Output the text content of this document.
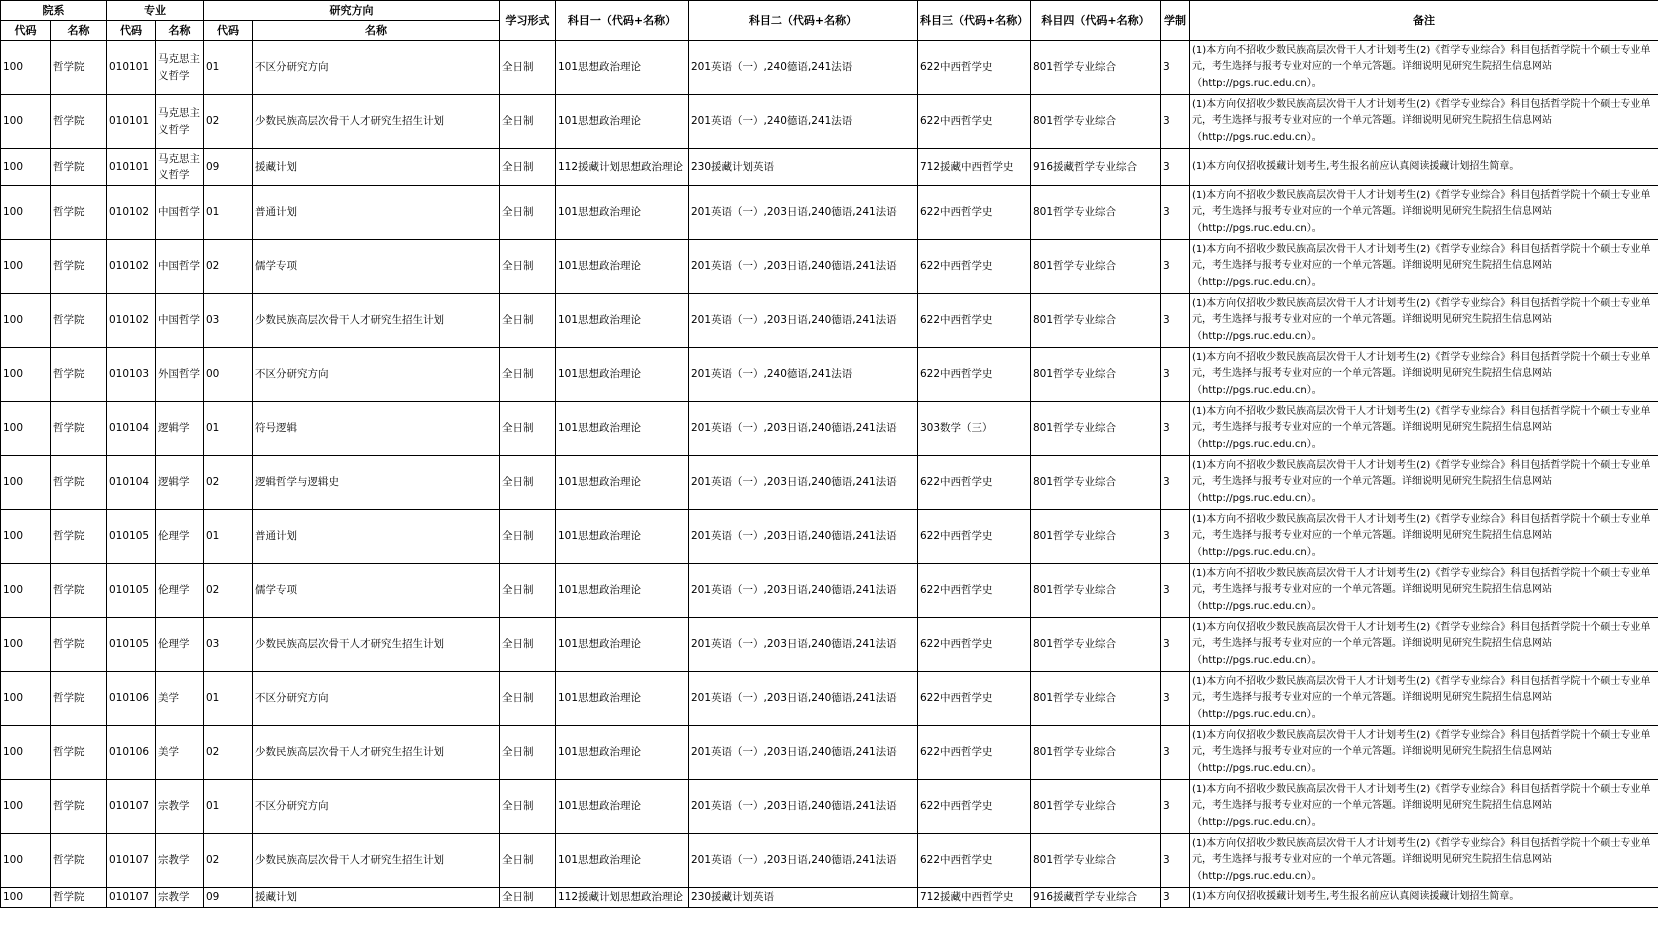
院系		专业		研究方向		学习形式	科目一（代码+名称）	科目二（代码+名称）	科目三（代码+名称）	科目四（代码+名称）	学制	备注
代码	名称	代码	名称	代码	名称							
100	哲学院	010101	马克思主义哲学	01	不区分研究方向	全日制	101思想政治理论	201英语（一）,240德语,241法语	622中西哲学史	801哲学专业综合	3	(1)本方向不招收少数民族高层次骨干人才计划考生(2)《哲学专业综合》科目包括哲学院十个硕士专业单元，考生选择与报考专业对应的一个单元答题。详细说明见研究生院招生信息网站（http://pgs.ruc.edu.cn）。
100	哲学院	010101	马克思主义哲学	02	少数民族高层次骨干人才研究生招生计划	全日制	101思想政治理论	201英语（一）,240德语,241法语	622中西哲学史	801哲学专业综合	3	(1)本方向仅招收少数民族高层次骨干人才计划考生(2)《哲学专业综合》科目包括哲学院十个硕士专业单元，考生选择与报考专业对应的一个单元答题。详细说明见研究生院招生信息网站（http://pgs.ruc.edu.cn）。
100	哲学院	010101	马克思主义哲学	09	援藏计划	全日制	112援藏计划思想政治理论	230援藏计划英语	712援藏中西哲学史	916援藏哲学专业综合	3	(1)本方向仅招收援藏计划考生,考生报名前应认真阅读援藏计划招生简章。
100	哲学院	010102	中国哲学	01	普通计划	全日制	101思想政治理论	201英语（一）,203日语,240德语,241法语	622中西哲学史	801哲学专业综合	3	(1)本方向不招收少数民族高层次骨干人才计划考生(2)《哲学专业综合》科目包括哲学院十个硕士专业单元，考生选择与报考专业对应的一个单元答题。详细说明见研究生院招生信息网站（http://pgs.ruc.edu.cn）。
100	哲学院	010102	中国哲学	02	儒学专项	全日制	101思想政治理论	201英语（一）,203日语,240德语,241法语	622中西哲学史	801哲学专业综合	3	(1)本方向不招收少数民族高层次骨干人才计划考生(2)《哲学专业综合》科目包括哲学院十个硕士专业单元，考生选择与报考专业对应的一个单元答题。详细说明见研究生院招生信息网站（http://pgs.ruc.edu.cn）。
100	哲学院	010102	中国哲学	03	少数民族高层次骨干人才研究生招生计划	全日制	101思想政治理论	201英语（一）,203日语,240德语,241法语	622中西哲学史	801哲学专业综合	3	(1)本方向仅招收少数民族高层次骨干人才计划考生(2)《哲学专业综合》科目包括哲学院十个硕士专业单元，考生选择与报考专业对应的一个单元答题。详细说明见研究生院招生信息网站（http://pgs.ruc.edu.cn）。
100	哲学院	010103	外国哲学	00	不区分研究方向	全日制	101思想政治理论	201英语（一）,240德语,241法语	622中西哲学史	801哲学专业综合	3	(1)本方向不招收少数民族高层次骨干人才计划考生(2)《哲学专业综合》科目包括哲学院十个硕士专业单元，考生选择与报考专业对应的一个单元答题。详细说明见研究生院招生信息网站（http://pgs.ruc.edu.cn）。
100	哲学院	010104	逻辑学	01	符号逻辑	全日制	101思想政治理论	201英语（一）,203日语,240德语,241法语	303数学（三）	801哲学专业综合	3	(1)本方向不招收少数民族高层次骨干人才计划考生(2)《哲学专业综合》科目包括哲学院十个硕士专业单元，考生选择与报考专业对应的一个单元答题。详细说明见研究生院招生信息网站（http://pgs.ruc.edu.cn）。
100	哲学院	010104	逻辑学	02	逻辑哲学与逻辑史	全日制	101思想政治理论	201英语（一）,203日语,240德语,241法语	622中西哲学史	801哲学专业综合	3	(1)本方向不招收少数民族高层次骨干人才计划考生(2)《哲学专业综合》科目包括哲学院十个硕士专业单元，考生选择与报考专业对应的一个单元答题。详细说明见研究生院招生信息网站（http://pgs.ruc.edu.cn）。
100	哲学院	010105	伦理学	01	普通计划	全日制	101思想政治理论	201英语（一）,203日语,240德语,241法语	622中西哲学史	801哲学专业综合	3	(1)本方向不招收少数民族高层次骨干人才计划考生(2)《哲学专业综合》科目包括哲学院十个硕士专业单元，考生选择与报考专业对应的一个单元答题。详细说明见研究生院招生信息网站（http://pgs.ruc.edu.cn）。
100	哲学院	010105	伦理学	02	儒学专项	全日制	101思想政治理论	201英语（一）,203日语,240德语,241法语	622中西哲学史	801哲学专业综合	3	(1)本方向不招收少数民族高层次骨干人才计划考生(2)《哲学专业综合》科目包括哲学院十个硕士专业单元，考生选择与报考专业对应的一个单元答题。详细说明见研究生院招生信息网站（http://pgs.ruc.edu.cn）。
100	哲学院	010105	伦理学	03	少数民族高层次骨干人才研究生招生计划	全日制	101思想政治理论	201英语（一）,203日语,240德语,241法语	622中西哲学史	801哲学专业综合	3	(1)本方向仅招收少数民族高层次骨干人才计划考生(2)《哲学专业综合》科目包括哲学院十个硕士专业单元，考生选择与报考专业对应的一个单元答题。详细说明见研究生院招生信息网站（http://pgs.ruc.edu.cn）。
100	哲学院	010106	美学	01	不区分研究方向	全日制	101思想政治理论	201英语（一）,203日语,240德语,241法语	622中西哲学史	801哲学专业综合	3	(1)本方向不招收少数民族高层次骨干人才计划考生(2)《哲学专业综合》科目包括哲学院十个硕士专业单元，考生选择与报考专业对应的一个单元答题。详细说明见研究生院招生信息网站（http://pgs.ruc.edu.cn）。
100	哲学院	010106	美学	02	少数民族高层次骨干人才研究生招生计划	全日制	101思想政治理论	201英语（一）,203日语,240德语,241法语	622中西哲学史	801哲学专业综合	3	(1)本方向仅招收少数民族高层次骨干人才计划考生(2)《哲学专业综合》科目包括哲学院十个硕士专业单元，考生选择与报考专业对应的一个单元答题。详细说明见研究生院招生信息网站（http://pgs.ruc.edu.cn）。
100	哲学院	010107	宗教学	01	不区分研究方向	全日制	101思想政治理论	201英语（一）,203日语,240德语,241法语	622中西哲学史	801哲学专业综合	3	(1)本方向不招收少数民族高层次骨干人才计划考生(2)《哲学专业综合》科目包括哲学院十个硕士专业单元，考生选择与报考专业对应的一个单元答题。详细说明见研究生院招生信息网站（http://pgs.ruc.edu.cn）。
100	哲学院	010107	宗教学	02	少数民族高层次骨干人才研究生招生计划	全日制	101思想政治理论	201英语（一）,203日语,240德语,241法语	622中西哲学史	801哲学专业综合	3	(1)本方向仅招收少数民族高层次骨干人才计划考生(2)《哲学专业综合》科目包括哲学院十个硕士专业单元，考生选择与报考专业对应的一个单元答题。详细说明见研究生院招生信息网站（http://pgs.ruc.edu.cn）。
100	哲学院	010107	宗教学	09	援藏计划	全日制	112援藏计划思想政治理论	230援藏计划英语	712援藏中西哲学史	916援藏哲学专业综合	3	(1)本方向仅招收援藏计划考生,考生报名前应认真阅读援藏计划招生简章。
